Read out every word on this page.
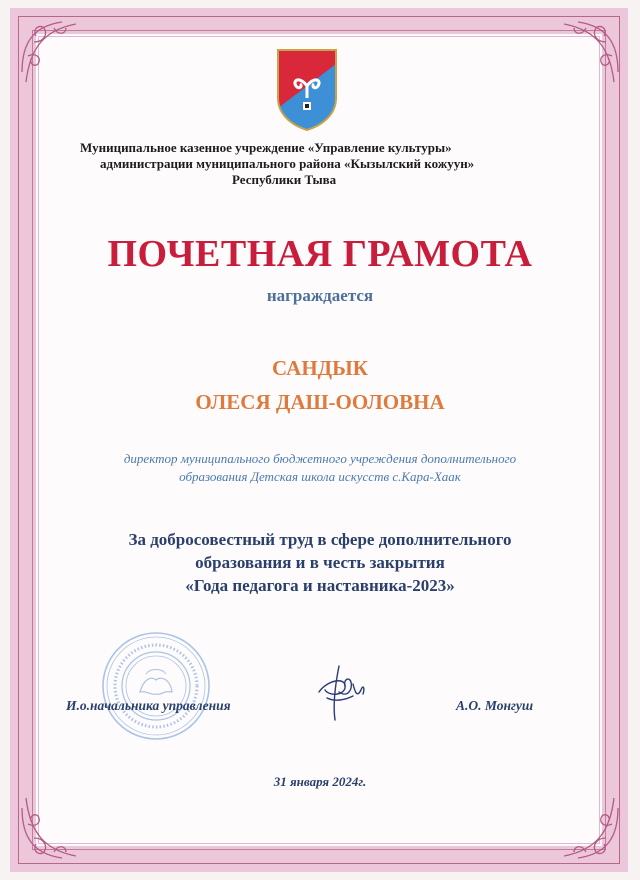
Муниципальное казенное учреждение «Управление культуры»
администрации муниципального района «Кызылский кожуун»
Республики Тыва
ПОЧЕТНАЯ ГРАМОТА
награждается
САНДЫК
ОЛЕСЯ ДАШ-ООЛОВНА
директор муниципального бюджетного учреждения дополнительного
образования Детская школа искусств с.Кара-Хаак
За добросовестный труд в сфере дополнительного
образования и в честь закрытия
«Года педагога и наставника-2023»
И.о.начальника управления	А.О. Монгуш
31 января 2024г.
